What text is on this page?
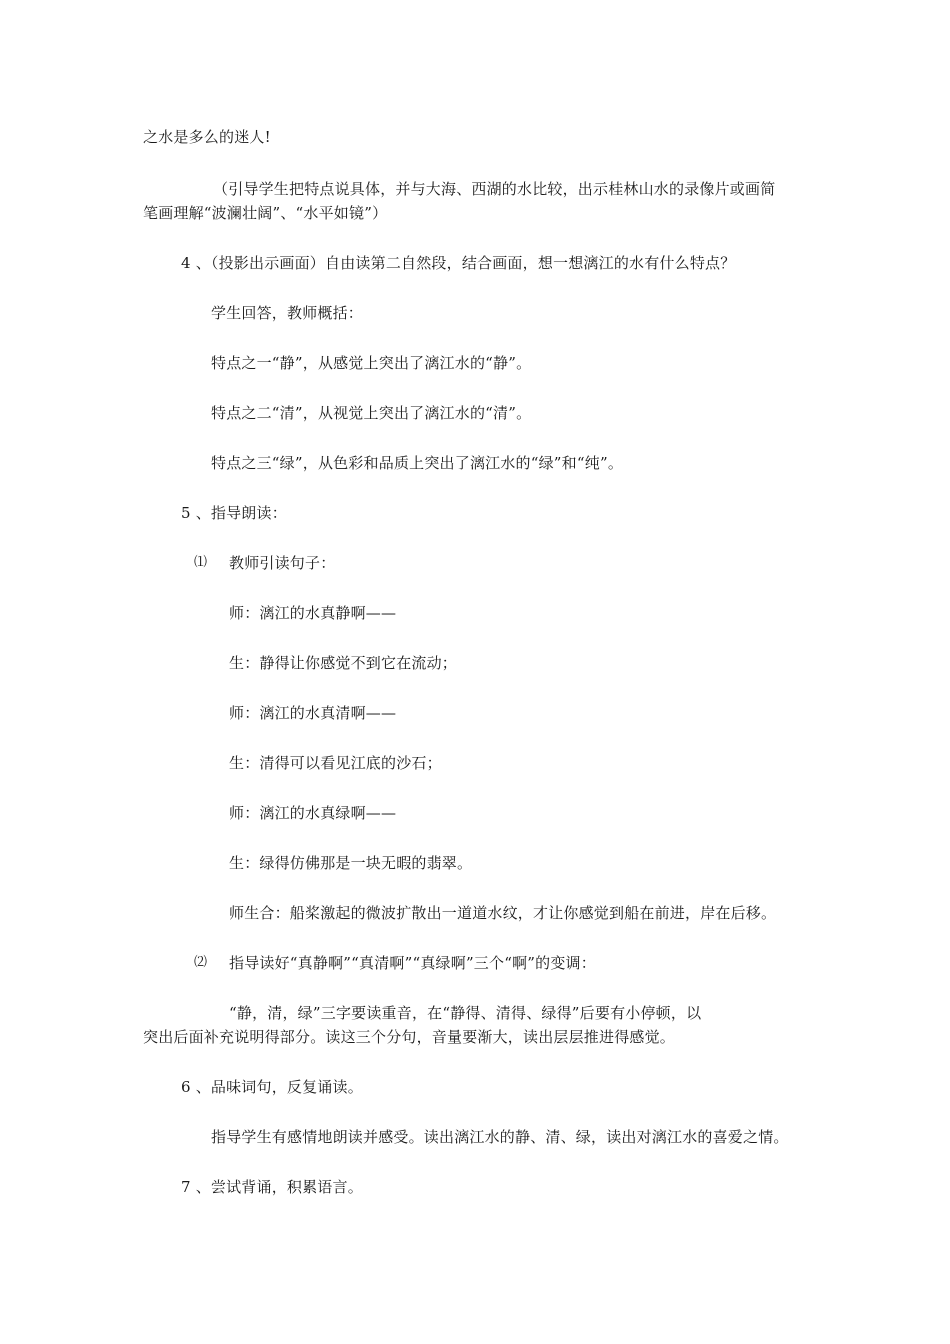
之水是多么的迷人!
（引导学生把特点说具体，并与大海、西湖的水比较，出示桂林山水的录像片或画简
笔画理解“波澜壮阔”、“水平如镜”）
4 、（投影出示画面）自由读第二自然段，结合画面，想一想漓江的水有什么特点？
学生回答，教师概括：
特点之一“静”，从感觉上突出了漓江水的“静”。
特点之二“清”，从视觉上突出了漓江水的“清”。
特点之三“绿”，从色彩和品质上突出了漓江水的“绿”和“纯”。
5 、指导朗读：
⑴ 教师引读句子：
师：漓江的水真静啊——
生：静得让你感觉不到它在流动；
师：漓江的水真清啊——
生：清得可以看见江底的沙石；
师：漓江的水真绿啊——
生：绿得仿佛那是一块无暇的翡翠。
师生合：船桨激起的微波扩散出一道道水纹，才让你感觉到船在前进，岸在后移。
⑵ 指导读好“真静啊”“真清啊”“真绿啊”三个“啊”的变调：
“静，清，绿”三字要读重音，在“静得、清得、绿得”后要有小停顿，以
突出后面补充说明得部分。读这三个分句，音量要渐大，读出层层推进得感觉。
6 、品味词句，反复诵读。
指导学生有感情地朗读并感受。读出漓江水的静、清、绿，读出对漓江水的喜爱之情。
7 、尝试背诵，积累语言。
